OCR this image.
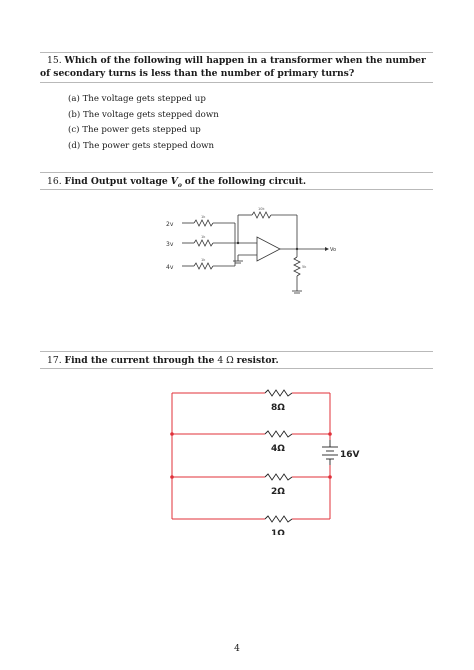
15. Which of the following will happen in a transformer when the number of secondary turns is less than the number of primary turns?
(a) The voltage gets stepped up
(b) The voltage gets stepped down
(c) The power gets stepped up
(d) The power gets stepped down
16. Find Output voltage $V_o$ of the following circuit.
2v
3v
4v
1k
1k
1k
10k
Vo
5k
17. Find the current through the 4 Ω resistor.
8Ω
4Ω
2Ω
1Ω
16V
4
